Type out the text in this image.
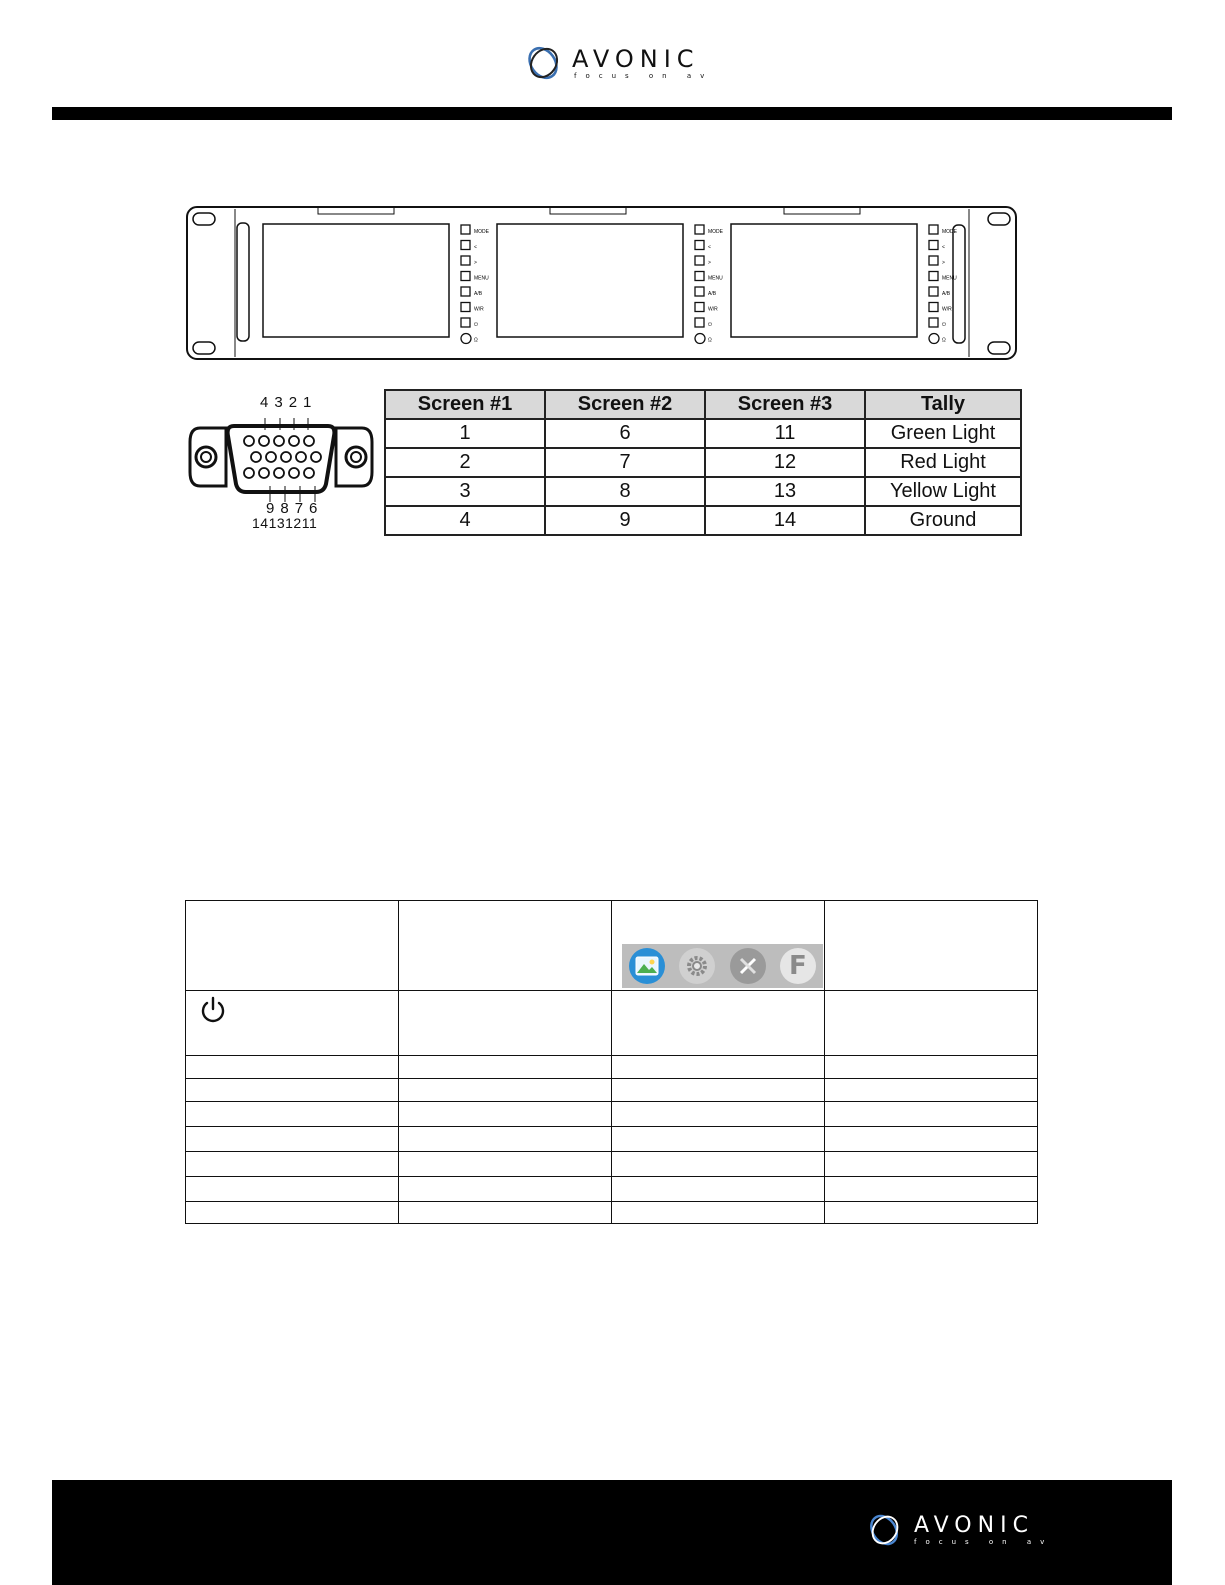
AVONIC
focus on av
MODE
<
>
MENU
A/B
W/R
⏻
Ω
MODE
<
>
MENU
A/B
W/R
⏻
Ω
MODE
<
>
MENU
A/B
W/R
⏻
Ω
4 3 2 1
9 8 7 6
14131211
Screen #1	Screen #2	Screen #3	Tally
1	6	11	Green Light
2	7	12	Red Light
3	8	13	Yellow Light
4	9	14	Ground

		F	

AVONIC
focus on av
